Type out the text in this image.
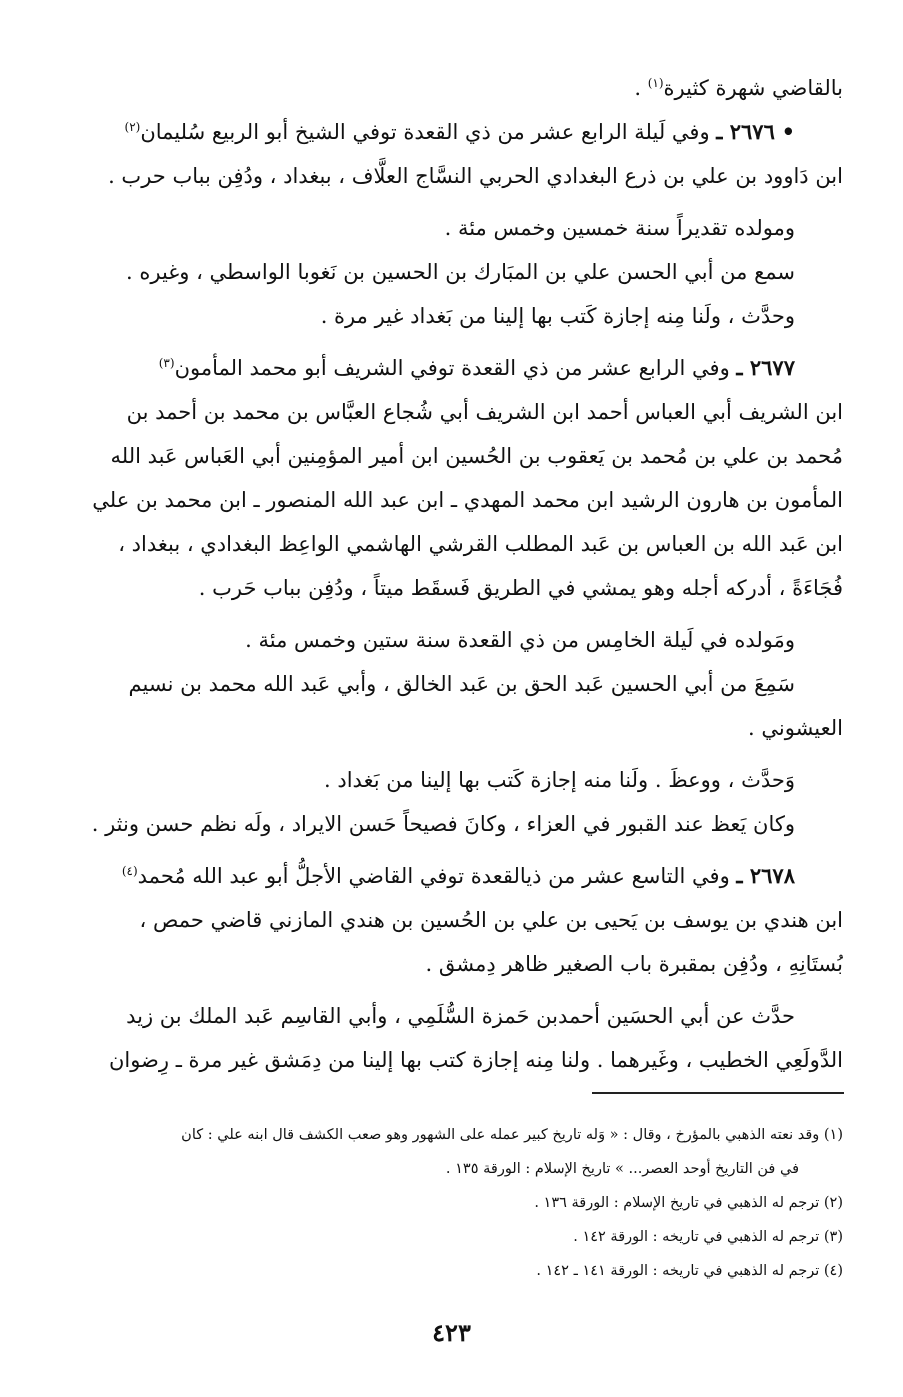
بالقاضي شهرة كثيرة$^{(١)}$ .
• ٢٦٧٦ ـ وفي لَيلة الرابع عشر من ذي القعدة توفي الشيخ أبو الربيع سُليمان$^{(٢)}$
ابن دَاوود بن علي بن ذرع البغدادي الحربي النسَّاج العلَّاف ، ببغداد ، ودُفِن بباب حرب .
ومولده تقديراً سنة خمسين وخمس مئة .
سمع من أبي الحسن علي بن المبَارك بن الحسين بن نَغوبا الواسطي ، وغيره .
وحدَّث ، ولَنا مِنه إجازة كَتب بها إلينا من بَغداد غير مرة .
٢٦٧٧ ـ وفي الرابع عشر من ذي القعدة توفي الشريف أبو محمد المأمون$^{(٣)}$
ابن الشريف أبي العباس أحمد ابن الشريف أبي شُجاع العبَّاس بن محمد بن أحمد بن
مُحمد بن علي بن مُحمد بن يَعقوب بن الحُسين ابن أمير المؤمِنين أبي العَباس عَبد الله
المأمون بن هارون الرشيد ابن محمد المهدي ـ ابن عبد الله المنصور ـ ابن محمد بن علي
ابن عَبد الله بن العباس بن عَبد المطلب القرشي الهاشمي الواعِظ البغدادي ، ببغداد ،
فُجَاءَةً ، أدركه أجله وهو يمشي في الطريق فَسقَط ميتاً ، ودُفِن بباب حَرب .
ومَولده في لَيلة الخامِس من ذي القعدة سنة ستين وخمس مئة .
سَمِعَ من أبي الحسين عَبد الحق بن عَبد الخالق ، وأبي عَبد الله محمد بن نسيم
العيشوني .
وَحدَّث ، ووعظَ . ولَنا منه إجازة كَتب بها إلينا من بَغداد .
وكان يَعظ عند القبور في العزاء ، وكانَ فصيحاً حَسن الايراد ، ولَه نظم حسن ونثر .
٢٦٧٨ ـ وفي التاسع عشر من ذيالقعدة توفي القاضي الأجلُّ أبو عبد الله مُحمد$^{(٤)}$
ابن هندي بن يوسف بن يَحيى بن علي بن الحُسين بن هندي المازني قاضي حمص ،
بُستَانِهِ ، ودُفِن بمقبرة باب الصغير ظاهر دِمشق .
حدَّث عن أبي الحسَين أحمدبن حَمزة السُّلَمِي ، وأبي القاسِم عَبد الملك بن زيد
الدَّولَعِي الخطيب ، وغَيرهما . ولنا مِنه إجازة كتب بها إلينا من دِمَشق غير مرة ـ رِضوان
(١) وقد نعته الذهبي بالمؤرخ ، وقال : « وَله تاريخ كبير عمله على الشهور وهو صعب الكشف قال ابنه علي : كان
في فن التاريخ أوحد العصر... » تاريخ الإسلام : الورقة ١٣٥ .
(٢) ترجم له الذهبي في تاريخ الإسلام : الورقة ١٣٦ .
(٣) ترجم له الذهبي في تاريخه : الورقة ١٤٢ .
(٤) ترجم له الذهبي في تاريخه : الورقة ١٤١ ـ ١٤٢ .
٤٢٣
